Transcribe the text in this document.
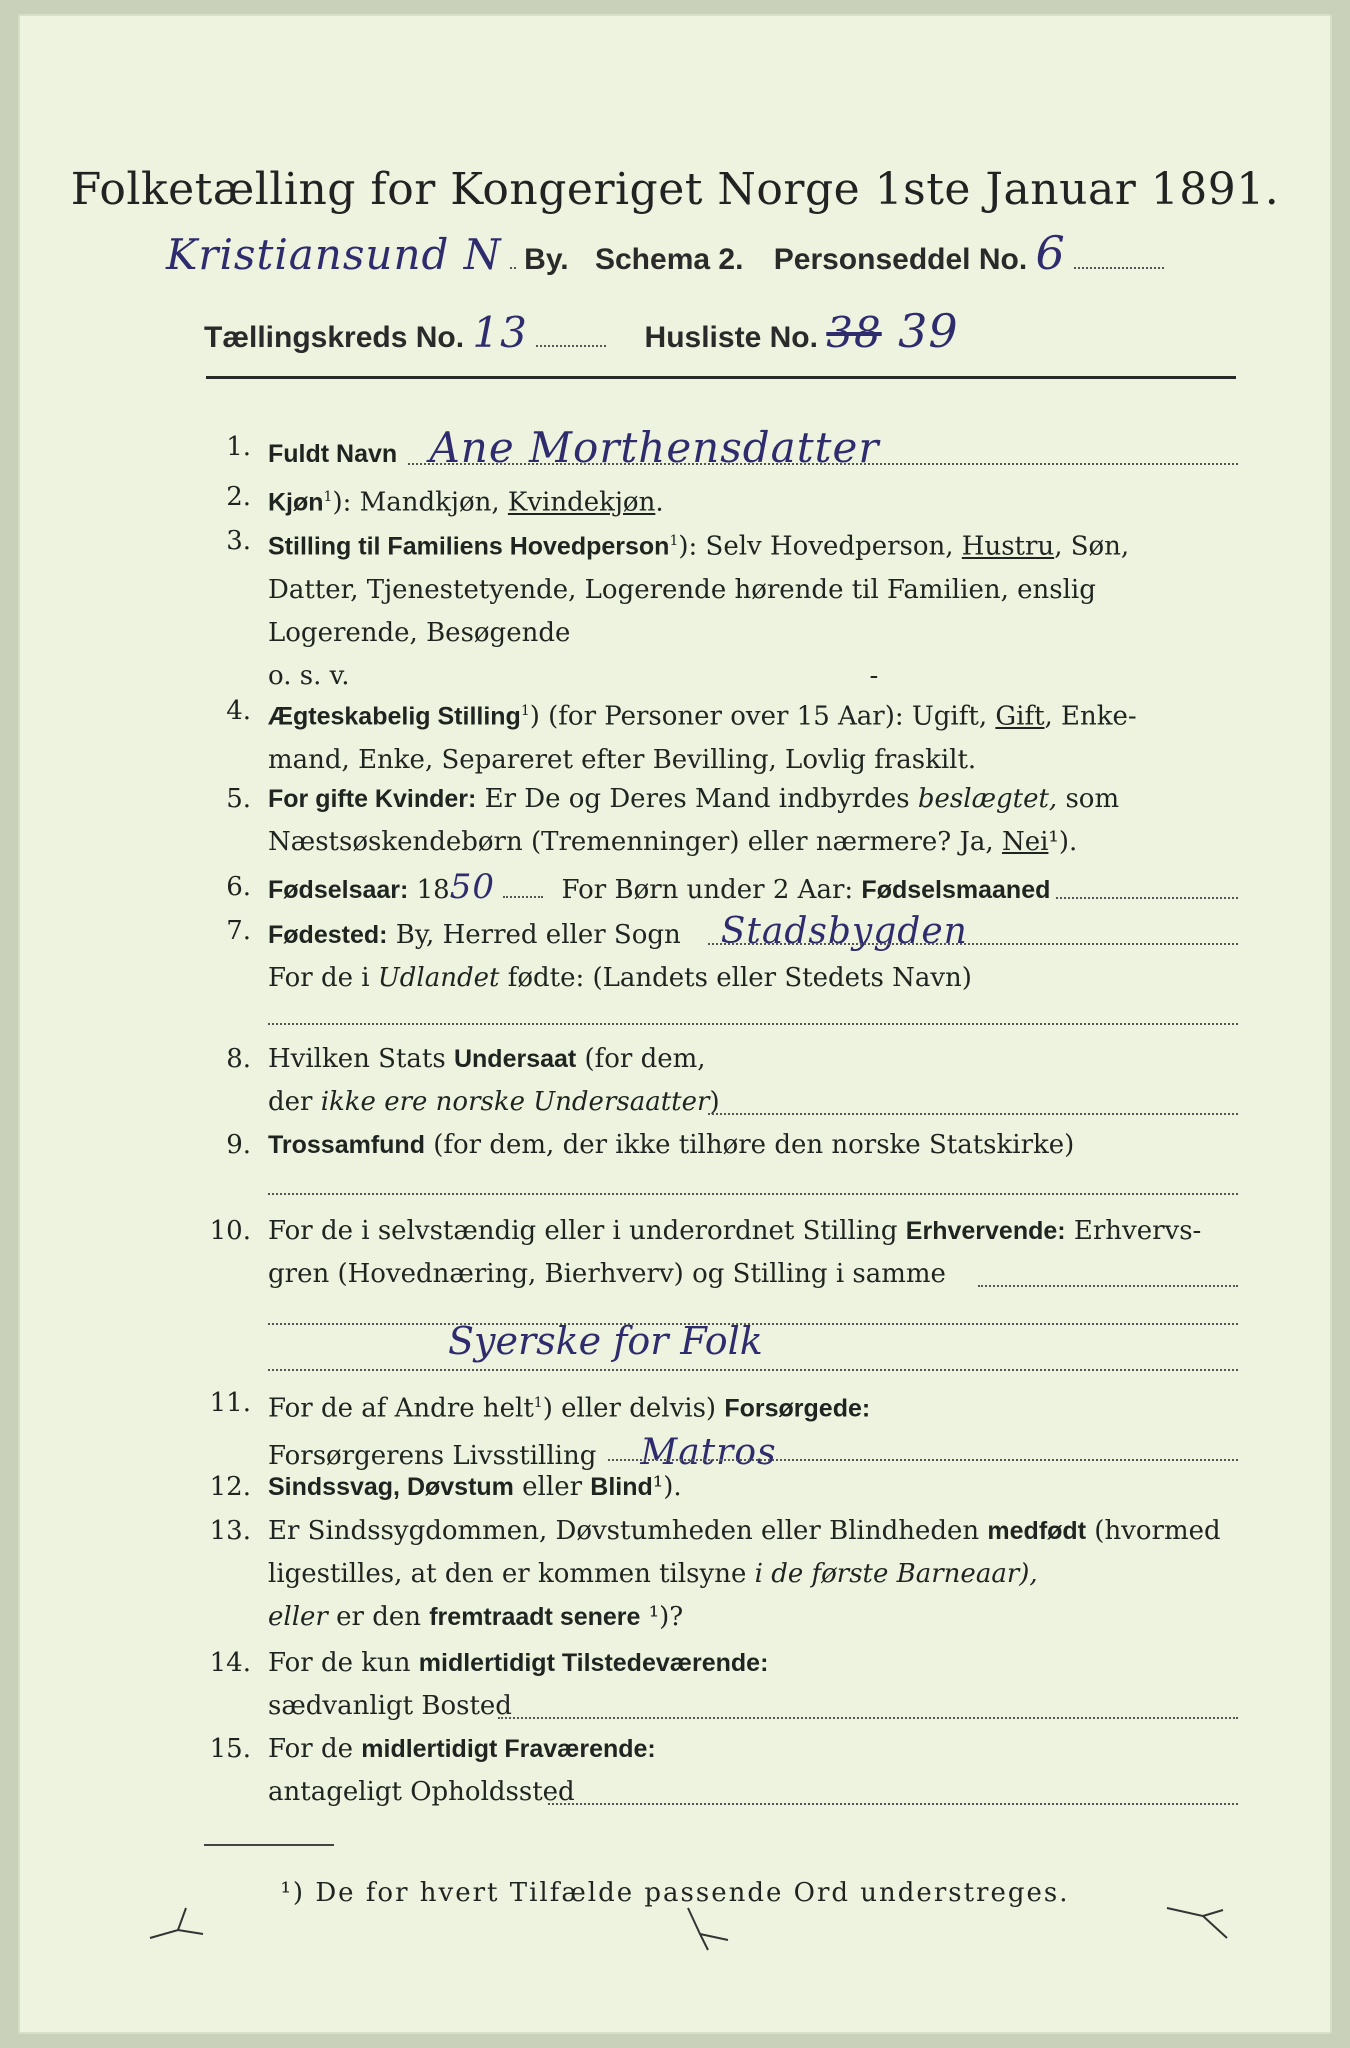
Folketælling for Kongeriget Norge 1ste Januar 1891.
Kristiansund N By. Schema 2. Personseddel No. 6
Tællingskreds No. 13	Husliste No. 38 39
1. Fuldt Navn Ane Morthensdatter
2. Kjøn$^1$): Mandkjøn, Kvindekjøn.
3. Stilling til Familiens Hovedperson$^1$): Selv Hovedperson, Hustru, Søn,
Datter, Tjenestetyende, Logerende hørende til Familien, enslig
Logerende, Besøgende
o. s. v.	-
4. Ægteskabelig Stilling$^1$) (for Personer over 15 Aar): Ugift, Gift, Enke-
mand, Enke, Separeret efter Bevilling, Lovlig fraskilt.
5. For gifte Kvinder: Er De og Deres Mand indbyrdes beslægtet, som
Næstsøskendebørn (Tremenninger) eller nærmere? Ja, Nei¹).
6. Fødselsaar: 1850	For Børn under 2 Aar: Fødselsmaaned
7. Fødested: By, Herred eller Sogn Stadsbygden
For de i Udlandet fødte: (Landets eller Stedets Navn)
8. Hvilken Stats Undersaat (for dem,
der ikke ere norske Undersaatter)
9. Trossamfund (for dem, der ikke tilhøre den norske Statskirke)
10. For de i selvstændig eller i underordnet Stilling Erhvervende: Erhvervs-
gren (Hovednæring, Bierhverv) og Stilling i samme
Syerske for Folk
11. For de af Andre helt$^1$) eller delvis) Forsørgede:
Forsørgerens Livsstilling Matros
12. Sindssvag, Døvstum eller Blind¹).
13. Er Sindssygdommen, Døvstumheden eller Blindheden medfødt (hvormed
ligestilles, at den er kommen tilsyne i de første Barneaar),
eller er den fremtraadt senere ¹)?
14. For de kun midlertidigt Tilstedeværende:
sædvanligt Bosted
15. For de midlertidigt Fraværende:
antageligt Opholdssted
¹) De for hvert Tilfælde passende Ord understreges.
